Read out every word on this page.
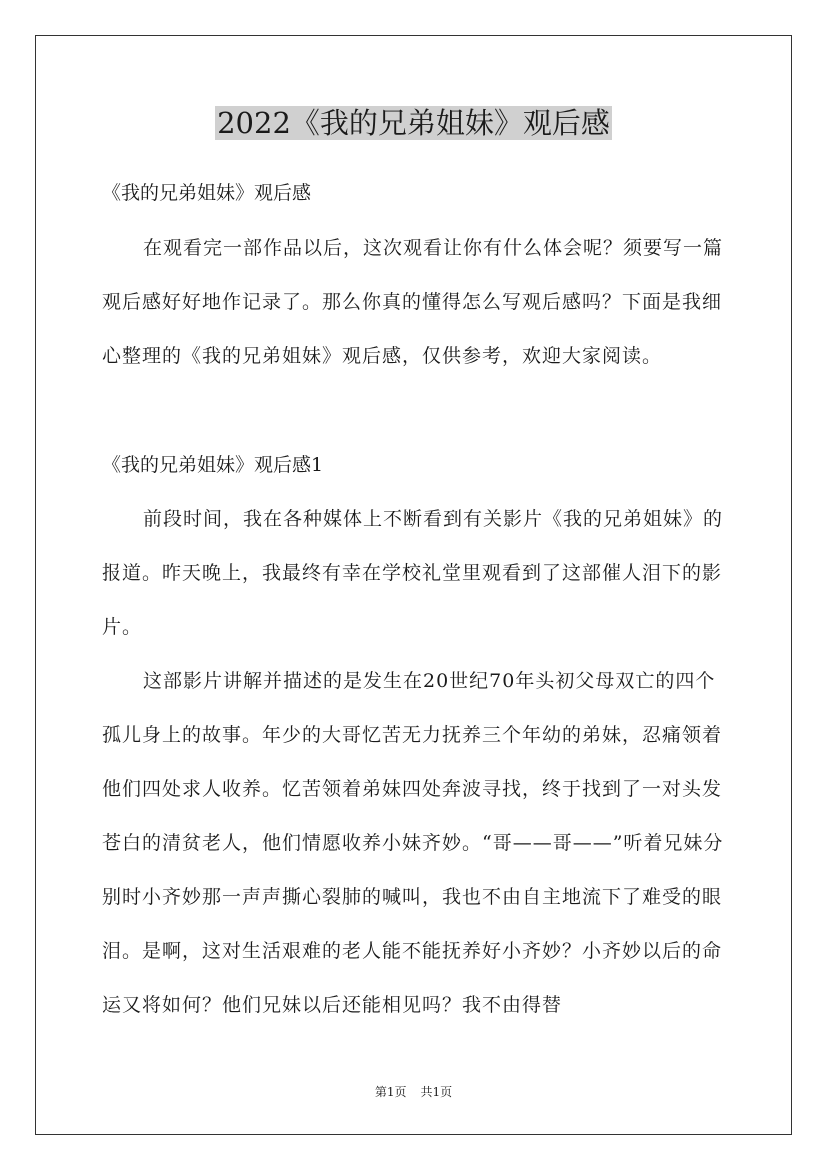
2022《我的兄弟姐妹》观后感

《我的兄弟姐妹》观后感

在观看完一部作品以后，这次观看让你有什么体会呢？须要写一篇观后感好好地作记录了。那么你真的懂得怎么写观后感吗？下面是我细心整理的《我的兄弟姐妹》观后感，仅供参考，欢迎大家阅读。

《我的兄弟姐妹》观后感1

前段时间，我在各种媒体上不断看到有关影片《我的兄弟姐妹》的报道。昨天晚上，我最终有幸在学校礼堂里观看到了这部催人泪下的影片。

这部影片讲解并描述的是发生在20世纪70年头初父母双亡的四个孤儿身上的故事。年少的大哥忆苦无力抚养三个年幼的弟妹，忍痛领着他们四处求人收养。忆苦领着弟妹四处奔波寻找，终于找到了一对头发苍白的清贫老人，他们情愿收养小妹齐妙。“哥——哥——”听着兄妹分别时小齐妙那一声声撕心裂肺的喊叫，我也不由自主地流下了难受的眼泪。是啊，这对生活艰难的老人能不能抚养好小齐妙？小齐妙以后的命运又将如何？他们兄妹以后还能相见吗？我不由得替

第1页 共1页
